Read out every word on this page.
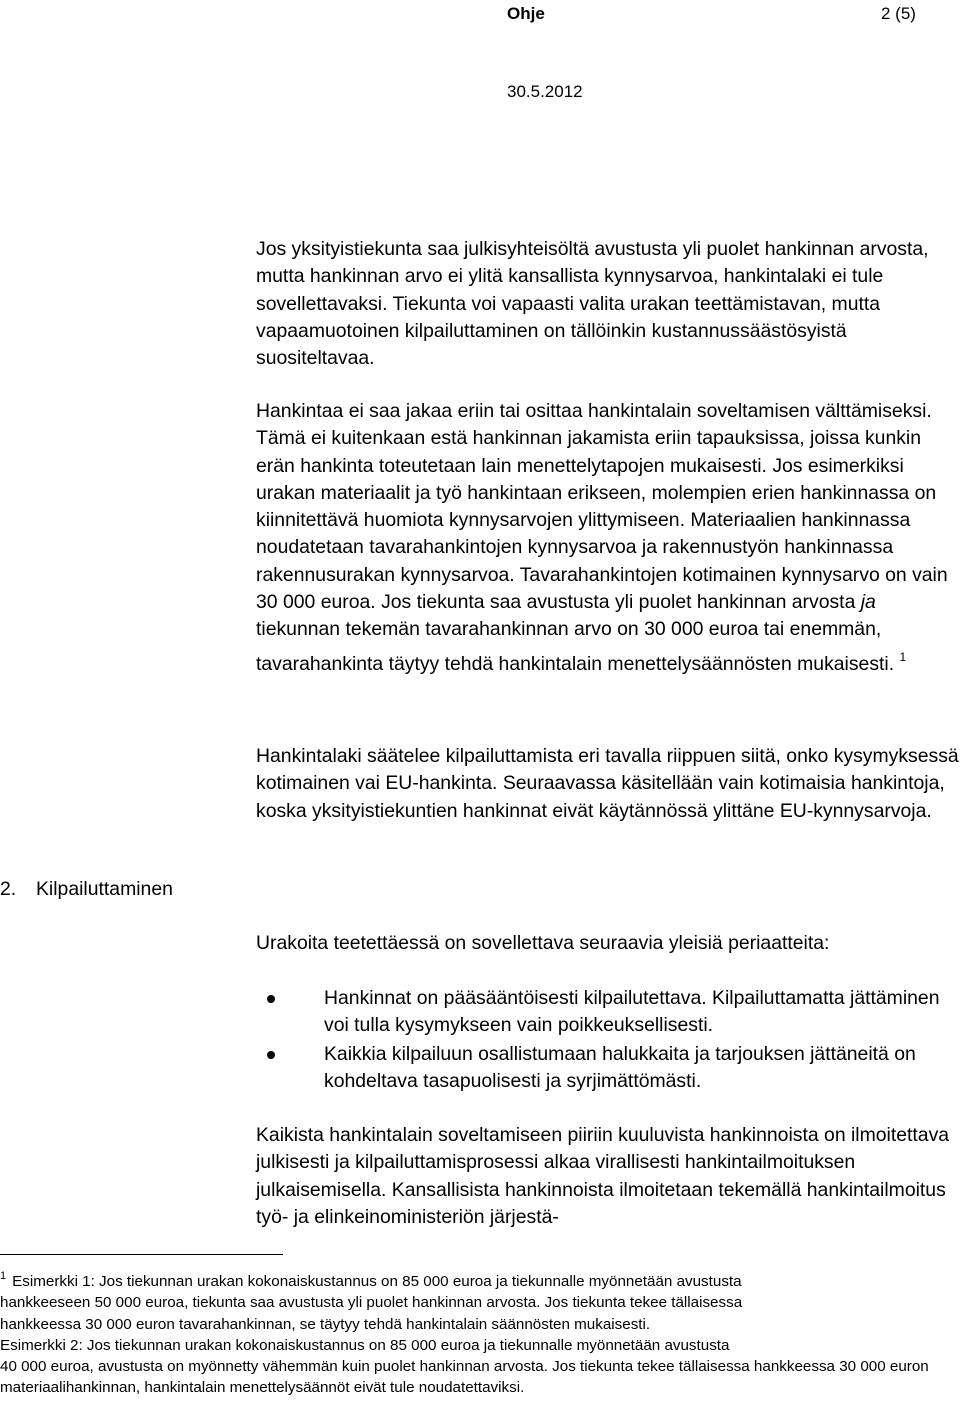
Ohje	2 (5)
30.5.2012

Jos yksityistiekunta saa julkisyhteisöltä avustusta yli puolet hankinnan arvosta, mutta hankinnan arvo ei ylitä kansallista kynnysarvoa, hankintalaki ei tule sovellettavaksi. Tiekunta voi vapaasti valita urakan teettämistavan, mutta vapaamuotoinen kilpailuttaminen on tällöinkin kustannussäästösyistä suositeltavaa.

Hankintaa ei saa jakaa eriin tai osittaa hankintalain soveltamisen välttämiseksi. Tämä ei kuitenkaan estä hankinnan jakamista eriin tapauksissa, joissa kunkin erän hankinta toteutetaan lain menettelytapojen mukaisesti. Jos esimerkiksi urakan materiaalit ja työ hankintaan erikseen, molempien erien hankinnassa on kiinnitettävä huomiota kynnysarvojen ylittymiseen. Materiaalien hankinnassa noudatetaan tavarahankintojen kynnysarvoa ja rakennustyön hankinnassa rakennusurakan kynnysarvoa. Tavarahankintojen kotimainen kynnysarvo on vain 30 000 euroa. Jos tiekunta saa avustusta yli puolet hankinnan arvosta ja tiekunnan tekemän tavarahankinnan arvo on 30 000 euroa tai enemmän, tavarahankinta täytyy tehdä hankintalain menettelysäännösten mukaisesti. $^1$

Hankintalaki säätelee kilpailuttamista eri tavalla riippuen siitä, onko kysymyksessä kotimainen vai EU-hankinta. Seuraavassa käsitellään vain kotimaisia hankintoja, koska yksityistiekuntien hankinnat eivät käytännössä ylittäne EU-kynnysarvoja.

2. Kilpailuttaminen

Urakoita teetettäessä on sovellettava seuraavia yleisiä periaatteita:

Hankinnat on pääsääntöisesti kilpailutettava. Kilpailuttamatta jättäminen voi tulla kysymykseen vain poikkeuksellisesti.
Kaikkia kilpailuun osallistumaan halukkaita ja tarjouksen jättäneitä on kohdeltava tasapuolisesti ja syrjimättömästi.

Kaikista hankintalain soveltamiseen piiriin kuuluvista hankinnoista on ilmoitettava julkisesti ja kilpailuttamisprosessi alkaa virallisesti hankintailmoituksen julkaisemisella. Kansallisista hankinnoista ilmoitetaan tekemällä hankintailmoitus työ- ja elinkeinoministeriön järjestä-

$^1$ Esimerkki 1: Jos tiekunnan urakan kokonaiskustannus on 85 000 euroa ja tiekunnalle myönnetään avustusta
hankkeeseen 50 000 euroa, tiekunta saa avustusta yli puolet hankinnan arvosta. Jos tiekunta tekee tällaisessa
hankkeessa 30 000 euron tavarahankinnan, se täytyy tehdä hankintalain säännösten mukaisesti.
Esimerkki 2: Jos tiekunnan urakan kokonaiskustannus on 85 000 euroa ja tiekunnalle myönnetään avustusta
40 000 euroa, avustusta on myönnetty vähemmän kuin puolet hankinnan arvosta. Jos tiekunta tekee tällaisessa hankkeessa 30 000 euron materiaalihankinnan, hankintalain menettelysäännöt eivät tule noudatettaviksi.
